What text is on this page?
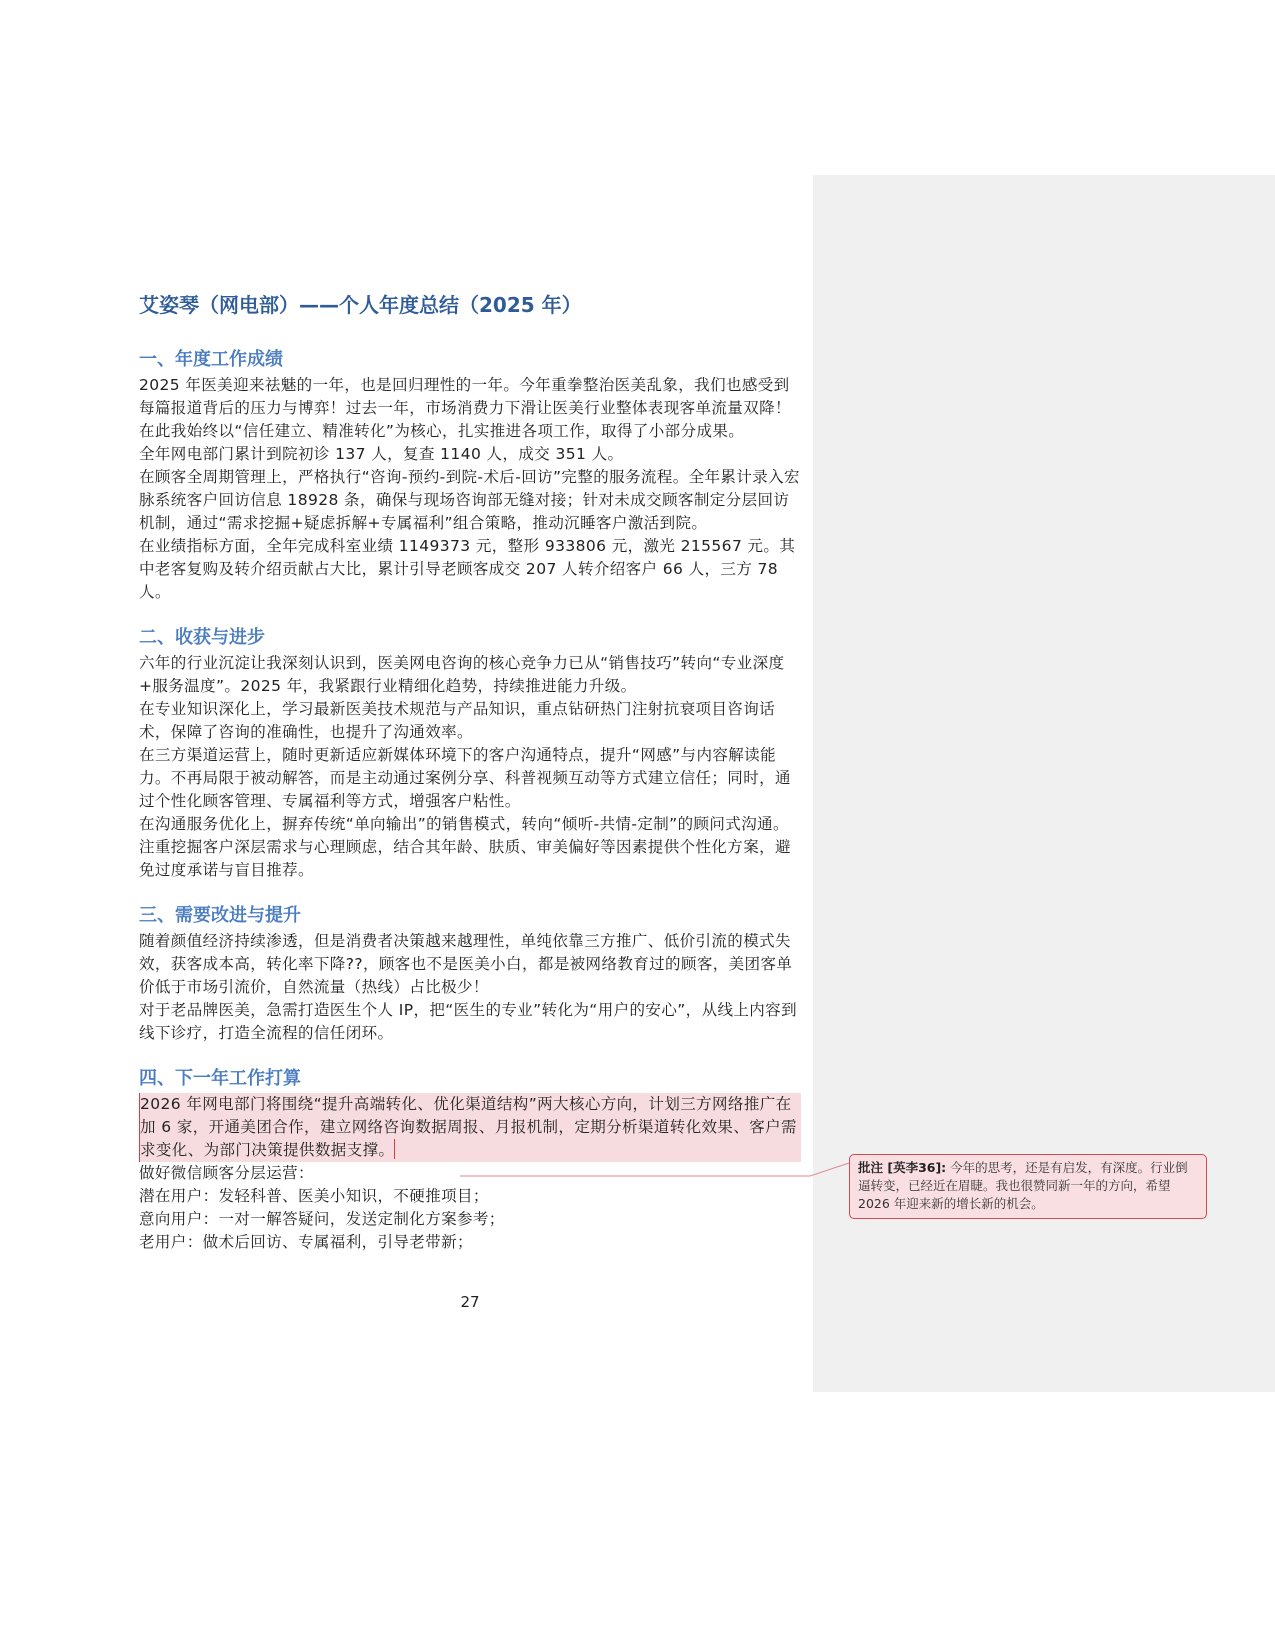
艾姿琴（网电部）——个人年度总结（2025 年）
一、年度工作成绩

2025 年医美迎来祛魅的一年，也是回归理性的一年。今年重拳整治医美乱象，我们也感受到每篇报道背后的压力与博弈！过去一年，市场消费力下滑让医美行业整体表现客单流量双降！

在此我始终以“信任建立、精准转化”为核心，扎实推进各项工作，取得了小部分成果。

全年网电部门累计到院初诊 137 人，复查 1140 人，成交 351 人。

在顾客全周期管理上，严格执行“咨询-预约-到院-术后-回访”完整的服务流程。全年累计录入宏脉系统客户回访信息 18928 条，确保与现场咨询部无缝对接；针对未成交顾客制定分层回访机制，通过“需求挖掘+疑虑拆解+专属福利”组合策略，推动沉睡客户激活到院。

在业绩指标方面，全年完成科室业绩 1149373 元，整形 933806 元，激光 215567 元。其中老客复购及转介绍贡献占大比，累计引导老顾客成交 207 人转介绍客户 66 人，三方 78 人。

二、收获与进步

六年的行业沉淀让我深刻认识到，医美网电咨询的核心竞争力已从“销售技巧”转向“专业深度+服务温度”。2025 年，我紧跟行业精细化趋势，持续推进能力升级。

在专业知识深化上，学习最新医美技术规范与产品知识，重点钻研热门注射抗衰项目咨询话术，保障了咨询的准确性，也提升了沟通效率。

在三方渠道运营上，随时更新适应新媒体环境下的客户沟通特点，提升“网感”与内容解读能力。不再局限于被动解答，而是主动通过案例分享、科普视频互动等方式建立信任；同时，通过个性化顾客管理、专属福利等方式，增强客户粘性。

在沟通服务优化上，摒弃传统“单向输出”的销售模式，转向“倾听-共情-定制”的顾问式沟通。注重挖掘客户深层需求与心理顾虑，结合其年龄、肤质、审美偏好等因素提供个性化方案，避免过度承诺与盲目推荐。

三、需要改进与提升

随着颜值经济持续渗透，但是消费者决策越来越理性，单纯依靠三方推广、低价引流的模式失效，获客成本高，转化率下降??，顾客也不是医美小白，都是被网络教育过的顾客，美团客单价低于市场引流价，自然流量（热线）占比极少！

对于老品牌医美，急需打造医生个人 IP，把“医生的专业”转化为“用户的安心”，从线上内容到线下诊疗，打造全流程的信任闭环。

四、下一年工作打算

2026 年网电部门将围绕“提升高端转化、优化渠道结构”两大核心方向，计划三方网络推广在加 6 家，开通美团合作，建立网络咨询数据周报、月报机制，定期分析渠道转化效果、客户需求变化、为部门决策提供数据支撑。

做好微信顾客分层运营：

潜在用户：发轻科普、医美小知识，不硬推项目；

意向用户：一对一解答疑问，发送定制化方案参考；

老用户：做术后回访、专属福利，引导老带新；

27
批注 [英李36]: 今年的思考，还是有启发，有深度。行业倒逼转变，已经近在眉睫。我也很赞同新一年的方向，希望 2026 年迎来新的增长新的机会。
